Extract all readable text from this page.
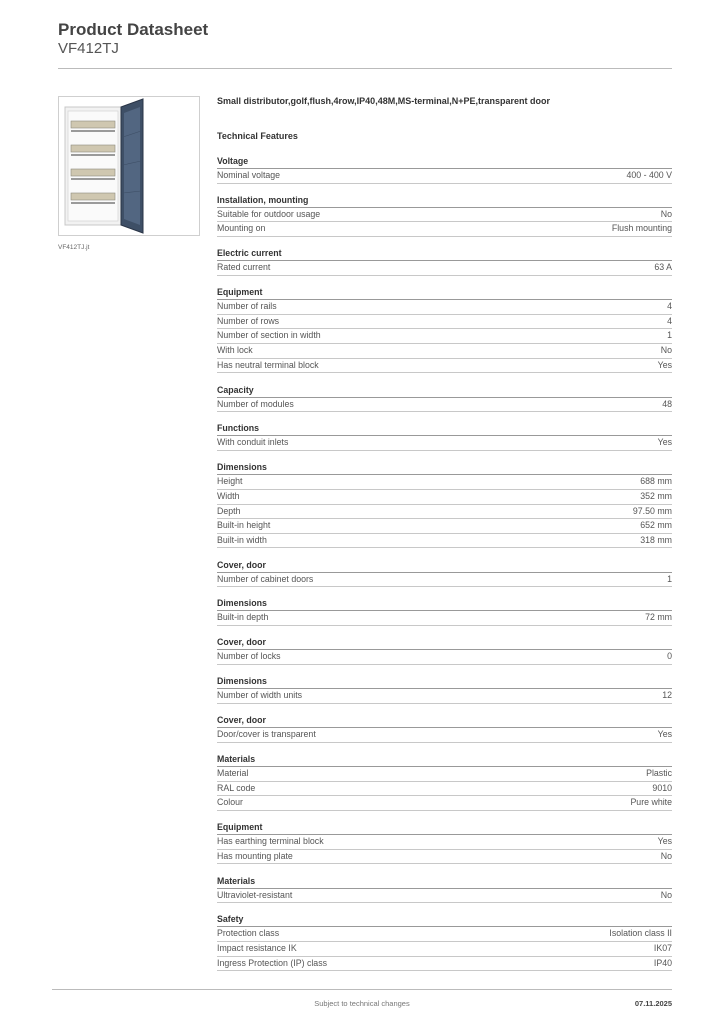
Product Datasheet
VF412TJ
VF412TJ.jt
Small distributor,golf,flush,4row,IP40,48M,MS-terminal,N+PE,transparent door
Technical Features
Voltage
Nominal voltage	400 - 400 V
Installation, mounting
Suitable for outdoor usage	No
Mounting on	Flush mounting
Electric current
Rated current	63 A
Equipment
Number of rails	4
Number of rows	4
Number of section in width	1
With lock	No
Has neutral terminal block	Yes
Capacity
Number of modules	48
Functions
With conduit inlets	Yes
Dimensions
Height	688 mm
Width	352 mm
Depth	97.50 mm
Built-in height	652 mm
Built-in width	318 mm
Cover, door
Number of cabinet doors	1
Dimensions
Built-in depth	72 mm
Cover, door
Number of locks	0
Dimensions
Number of width units	12
Cover, door
Door/cover is transparent	Yes
Materials
Material	Plastic
RAL code	9010
Colour	Pure white
Equipment
Has earthing terminal block	Yes
Has mounting plate	No
Materials
Ultraviolet-resistant	No
Safety
Protection class	Isolation class II
Impact resistance IK	IK07
Ingress Protection (IP) class	IP40
Subject to technical changes	07.11.2025
